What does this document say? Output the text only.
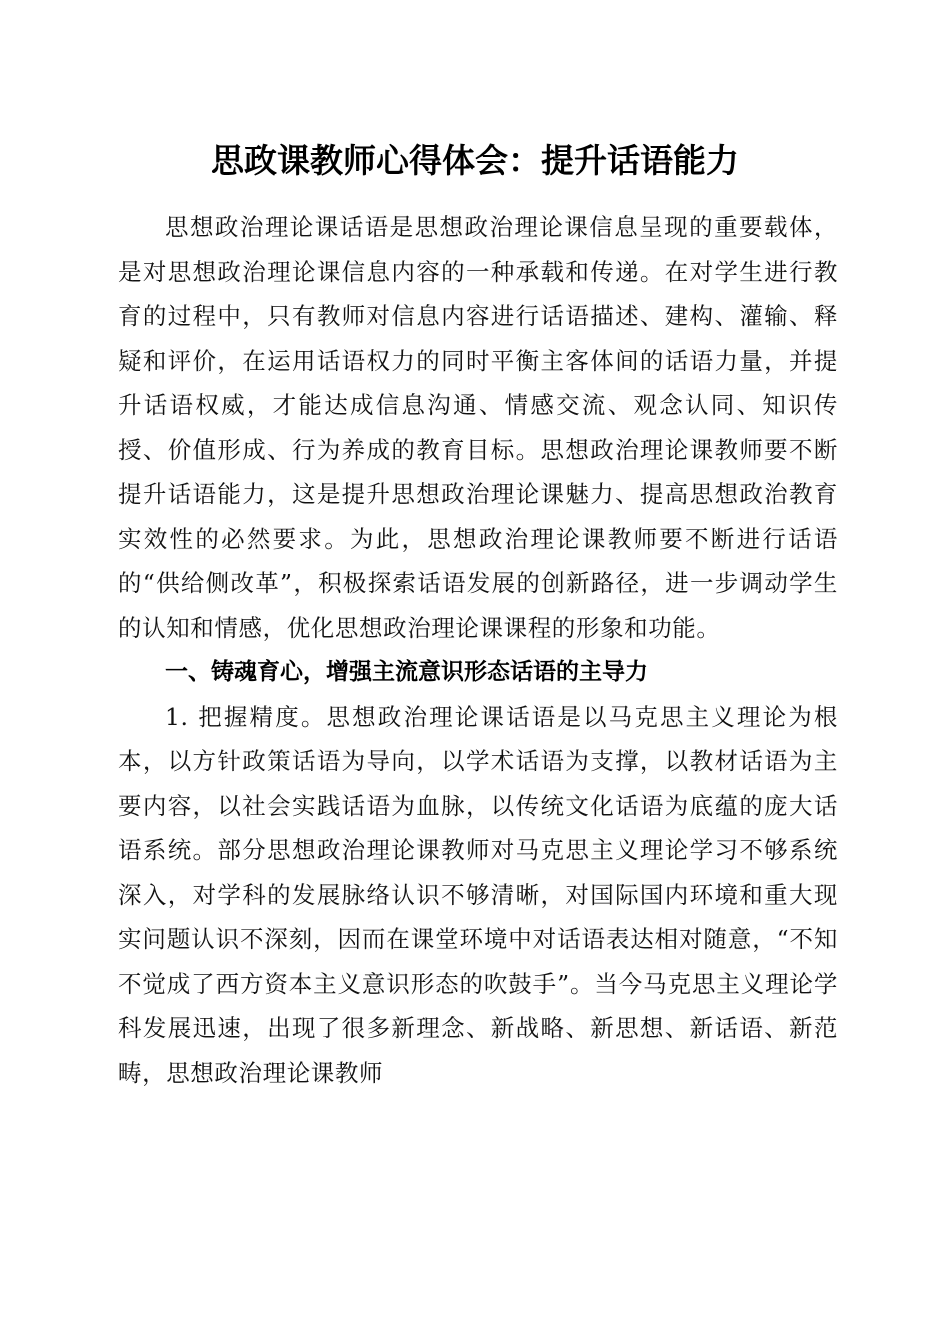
思政课教师心得体会：提升话语能力

思想政治理论课话语是思想政治理论课信息呈现的重要载体，是对思想政治理论课信息内容的一种承载和传递。在对学生进行教育的过程中，只有教师对信息内容进行话语描述、建构、灌输、释疑和评价，在运用话语权力的同时平衡主客体间的话语力量，并提升话语权威，才能达成信息沟通、情感交流、观念认同、知识传授、价值形成、行为养成的教育目标。思想政治理论课教师要不断提升话语能力，这是提升思想政治理论课魅力、提高思想政治教育实效性的必然要求。为此，思想政治理论课教师要不断进行话语的“供给侧改革”，积极探索话语发展的创新路径，进一步调动学生的认知和情感，优化思想政治理论课课程的形象和功能。

一、铸魂育心，增强主流意识形态话语的主导力

1. 把握精度。思想政治理论课话语是以马克思主义理论为根本，以方针政策话语为导向，以学术话语为支撑，以教材话语为主要内容，以社会实践话语为血脉，以传统文化话语为底蕴的庞大话语系统。部分思想政治理论课教师对马克思主义理论学习不够系统深入，对学科的发展脉络认识不够清晰，对国际国内环境和重大现实问题认识不深刻，因而在课堂环境中对话语表达相对随意，“不知不觉成了西方资本主义意识形态的吹鼓手”。当今马克思主义理论学科发展迅速，出现了很多新理念、新战略、新思想、新话语、新范畴，思想政治理论课教师
